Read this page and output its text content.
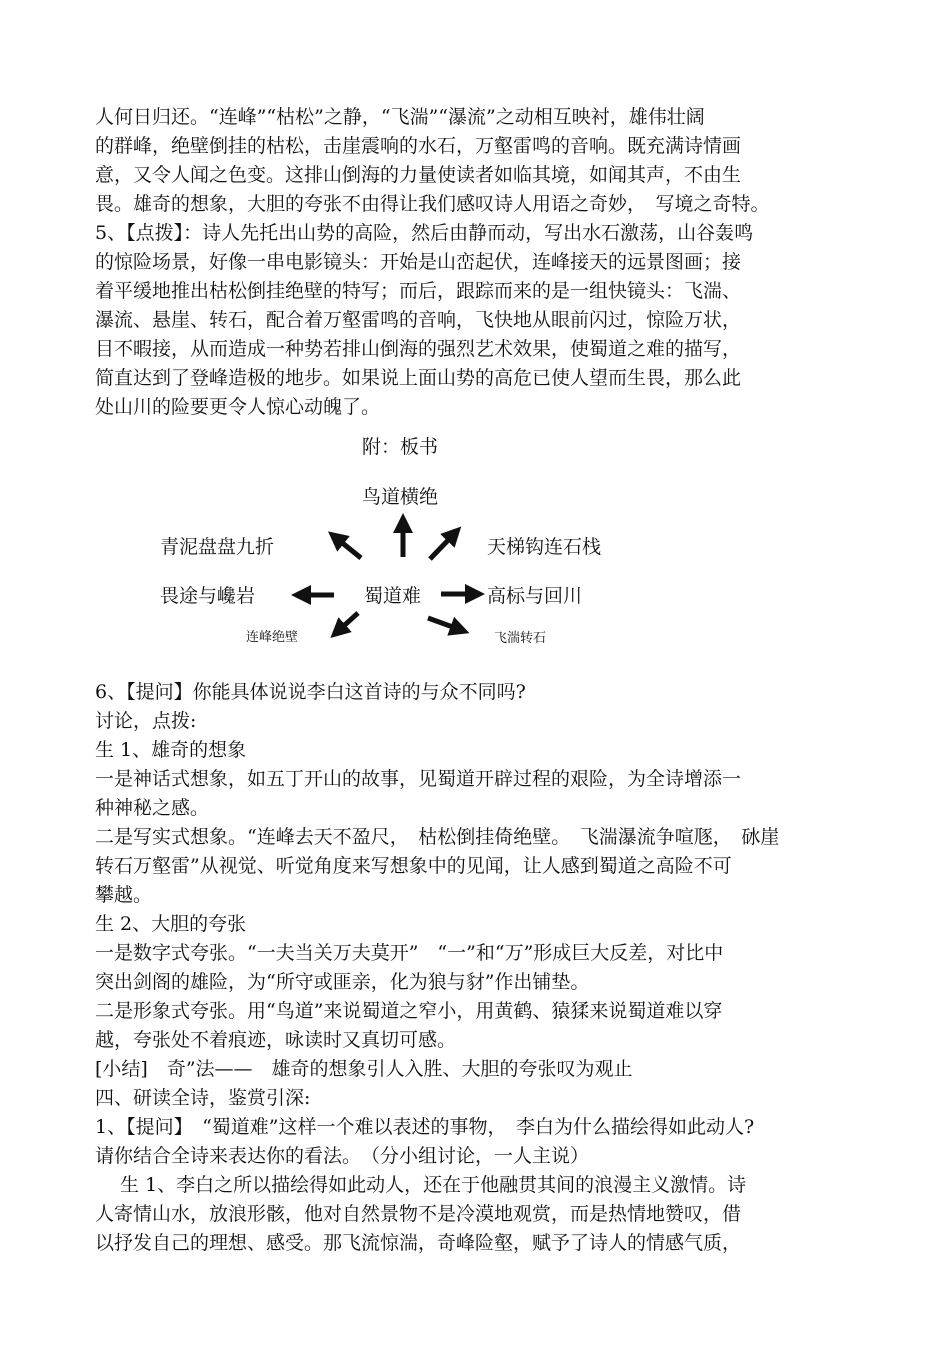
人何日归还。“连峰”“枯松”之静，“飞湍”“瀑流”之动相互映衬，雄伟壮阔
的群峰，绝壁倒挂的枯松，击崖震响的水石，万壑雷鸣的音响。既充满诗情画
意，又令人闻之色变。这排山倒海的力量使读者如临其境，如闻其声，不由生
畏。雄奇的想象，大胆的夸张不由得让我们感叹诗人用语之奇妙，　写境之奇特。
5、【点拨】：诗人先托出山势的高险，然后由静而动，写出水石激荡，山谷轰鸣
的惊险场景，好像一串电影镜头：开始是山峦起伏，连峰接天的远景图画；接
着平缓地推出枯松倒挂绝壁的特写；而后，跟踪而来的是一组快镜头：飞湍、
瀑流、悬崖、转石，配合着万壑雷鸣的音响，飞快地从眼前闪过，惊险万状，
目不暇接，从而造成一种势若排山倒海的强烈艺术效果，使蜀道之难的描写，
简直达到了登峰造极的地步。如果说上面山势的高危已使人望而生畏，那么此
处山川的险要更令人惊心动魄了。
附：板书
鸟道横绝
青泥盘盘九折	天梯钩连石栈
畏途与巉岩	蜀道难	高标与回川
连峰绝壁	飞湍转石
6、【提问】你能具体说说李白这首诗的与众不同吗?
讨论，点拨:
生 1、雄奇的想象
一是神话式想象，如五丁开山的故事，见蜀道开辟过程的艰险，为全诗增添一
种神秘之感。
二是写实式想象。“连峰去天不盈尺，　枯松倒挂倚绝壁。　飞湍瀑流争喧豗，　砅崖
转石万壑雷”从视觉、听觉角度来写想象中的见闻，让人感到蜀道之高险不可
攀越。
生 2、大胆的夸张
一是数字式夸张。“一夫当关万夫莫开”　“一”和“万”形成巨大反差，对比中
突出剑阁的雄险，为“所守或匪亲，化为狼与豺”作出铺垫。
二是形象式夸张。用“鸟道”来说蜀道之窄小，用黄鹤、猿猱来说蜀道难以穿
越，夸张处不着痕迹，咏读时又真切可感。
[小结]　奇”法——　雄奇的想象引人入胜、大胆的夸张叹为观止
四、研读全诗，鉴赏引深:
1、【提问】　“蜀道难”这样一个难以表述的事物，　李白为什么描绘得如此动人?
请你结合全诗来表达你的看法。　（分小组讨论，一人主说）
　 生 1、李白之所以描绘得如此动人，还在于他融贯其间的浪漫主义激情。诗
人寄情山水，放浪形骸，他对自然景物不是冷漠地观赏，而是热情地赞叹，借
以抒发自己的理想、感受。那飞流惊湍，奇峰险壑，赋予了诗人的情感气质，
